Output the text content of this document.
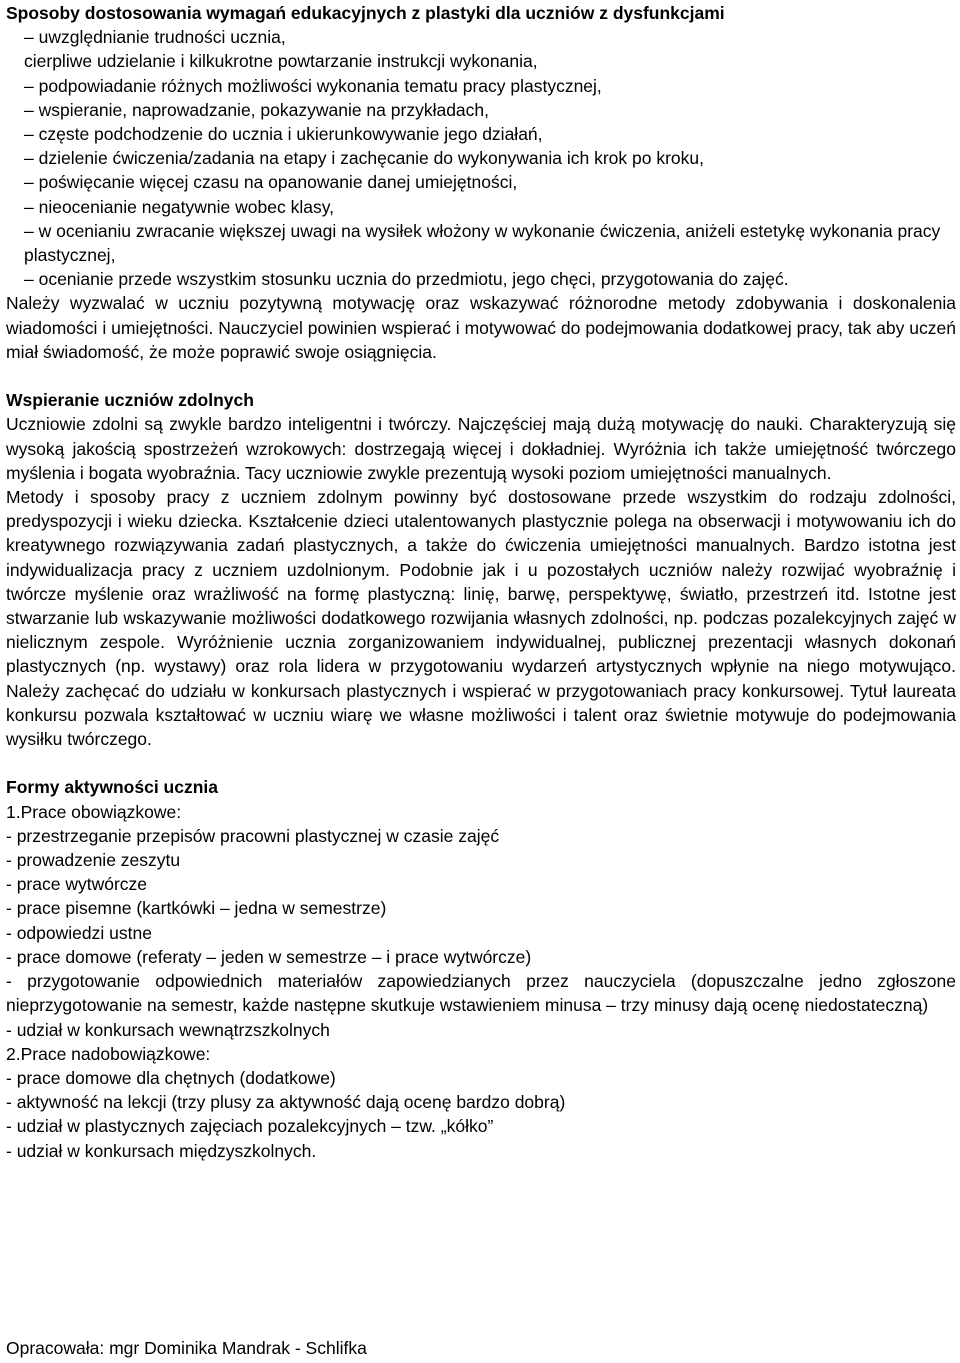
Sposoby dostosowania wymagań edukacyjnych z plastyki dla uczniów z dysfunkcjami
– uwzględnianie trudności ucznia,
cierpliwe udzielanie i kilkukrotne powtarzanie instrukcji wykonania,
– podpowiadanie różnych możliwości wykonania tematu pracy plastycznej,
– wspieranie, naprowadzanie, pokazywanie na przykładach,
– częste podchodzenie do ucznia i ukierunkowywanie jego działań,
– dzielenie ćwiczenia/zadania na etapy i zachęcanie do wykonywania ich krok po kroku,
– poświęcanie więcej czasu na opanowanie danej umiejętności,
– nieocenianie negatywnie wobec klasy,
– w ocenianiu zwracanie większej uwagi na wysiłek włożony w wykonanie ćwiczenia, aniżeli estetykę wykonania pracy plastycznej,
– ocenianie przede wszystkim stosunku ucznia do przedmiotu, jego chęci, przygotowania do zajęć.
Należy wyzwalać w uczniu pozytywną motywację oraz wskazywać różnorodne metody zdobywania i doskonalenia wiadomości i umiejętności. Nauczyciel powinien wspierać i motywować do podejmowania dodatkowej pracy, tak aby uczeń miał świadomość, że może poprawić swoje osiągnięcia.
Wspieranie uczniów zdolnych
Uczniowie zdolni są zwykle bardzo inteligentni i twórczy. Najczęściej mają dużą motywację do nauki. Charakteryzują się wysoką jakością spostrzeżeń wzrokowych: dostrzegają więcej i dokładniej. Wyróżnia ich także umiejętność twórczego myślenia i bogata wyobraźnia. Tacy uczniowie zwykle prezentują wysoki poziom umiejętności manualnych.
Metody i sposoby pracy z uczniem zdolnym powinny być dostosowane przede wszystkim do rodzaju zdolności, predyspozycji i wieku dziecka. Kształcenie dzieci utalentowanych plastycznie polega na obserwacji i motywowaniu ich do kreatywnego rozwiązywania zadań plastycznych, a także do ćwiczenia umiejętności manualnych. Bardzo istotna jest indywidualizacja pracy z uczniem uzdolnionym. Podobnie jak i u pozostałych uczniów należy rozwijać wyobraźnię i twórcze myślenie oraz wrażliwość na formę plastyczną: linię, barwę, perspektywę, światło, przestrzeń itd. Istotne jest stwarzanie lub wskazywanie możliwości dodatkowego rozwijania własnych zdolności, np. podczas pozalekcyjnych zajęć w nielicznym zespole. Wyróżnienie ucznia zorganizowaniem indywidualnej, publicznej prezentacji własnych dokonań plastycznych (np. wystawy) oraz rola lidera w przygotowaniu wydarzeń artystycznych wpłynie na niego motywująco. Należy zachęcać do udziału w konkursach plastycznych i wspierać w przygotowaniach pracy konkursowej. Tytuł laureata konkursu pozwala kształtować w uczniu wiarę we własne możliwości i talent oraz świetnie motywuje do podejmowania wysiłku twórczego.
Formy aktywności ucznia
1.Prace obowiązkowe:
- przestrzeganie przepisów pracowni plastycznej w czasie zajęć
- prowadzenie zeszytu
- prace wytwórcze
- prace pisemne (kartkówki – jedna w semestrze)
- odpowiedzi ustne
- prace domowe (referaty – jeden w semestrze – i prace wytwórcze)
- przygotowanie odpowiednich materiałów zapowiedzianych przez nauczyciela (dopuszczalne jedno zgłoszone nieprzygotowanie na semestr, każde następne skutkuje wstawieniem minusa – trzy minusy dają ocenę niedostateczną)
- udział w konkursach wewnątrzszkolnych
2.Prace nadobowiązkowe:
- prace domowe dla chętnych (dodatkowe)
- aktywność na lekcji (trzy plusy za aktywność dają ocenę bardzo dobrą)
- udział w plastycznych zajęciach pozalekcyjnych – tzw. „kółko”
- udział w konkursach międzyszkolnych.
Opracowała: mgr Dominika Mandrak - Schlifka
